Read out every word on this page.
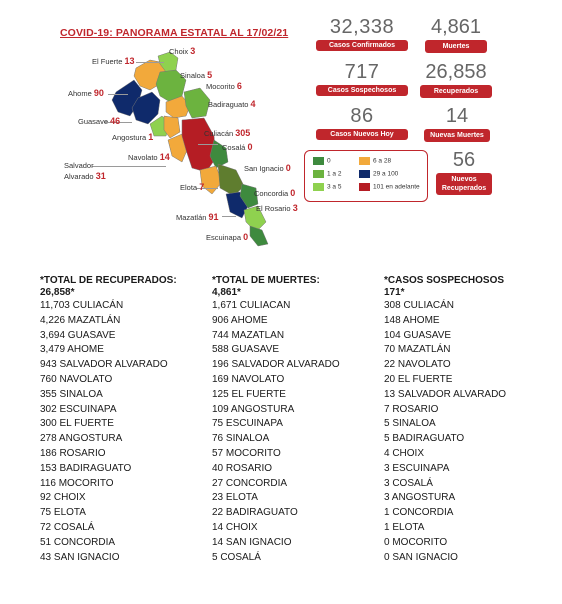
COVID-19: PANORAMA ESTATAL AL 17/02/21
Choix 3
El Fuerte 13
Sinaloa 5
Ahome 90
Mocorito 6
Badiraguato 4
Guasave 46
Angostura 1	Culiacán 305
Cosalá 0
Salvador
Alvarado 31
Navolato 14
San Ignacio 0
Elota 7
Concordia 0
El Rosario 3
Mazatlán 91
Escuinapa 0
32,338
Casos Confirmados
4,861
Muertes
717
Casos Sospechosos
26,858
Recuperados
86
Casos Nuevos Hoy
14
Nuevas Muertes
56
Nuevos Recuperados
0
1 a 2
3 a 5
6 a 28
29 a 100
101 en adelante
*TOTAL DE RECUPERADOS:
26,858*
11,703 CULIACÁN
4,226 MAZATLÁN
3,694 GUASAVE
3,479 AHOME
943 SALVADOR ALVARADO
760 NAVOLATO
355 SINALOA
302 ESCUINAPA
300 EL FUERTE
278 ANGOSTURA
186 ROSARIO
153 BADIRAGUATO
116 MOCORITO
92 CHOIX
75 ELOTA
72 COSALÁ
51 CONCORDIA
43 SAN IGNACIO
*TOTAL DE MUERTES:
4,861*
1,671 CULIACAN
906 AHOME
744 MAZATLAN
588 GUASAVE
196 SALVADOR ALVARADO
169 NAVOLATO
125 EL FUERTE
109 ANGOSTURA
75 ESCUINAPA
76 SINALOA
57 MOCORITO
40 ROSARIO
27 CONCORDIA
23 ELOTA
22 BADIRAGUATO
14 CHOIX
14 SAN IGNACIO
5 COSALÁ
*CASOS SOSPECHOSOS
171*
308 CULIACÁN
148 AHOME
104 GUASAVE
70 MAZATLÁN
22 NAVOLATO
20 EL FUERTE
13 SALVADOR ALVARADO
7 ROSARIO
5 SINALOA
5 BADIRAGUATO
4 CHOIX
3 ESCUINAPA
3 COSALÁ
3 ANGOSTURA
1 CONCORDIA
1 ELOTA
0 MOCORITO
0 SAN IGNACIO
